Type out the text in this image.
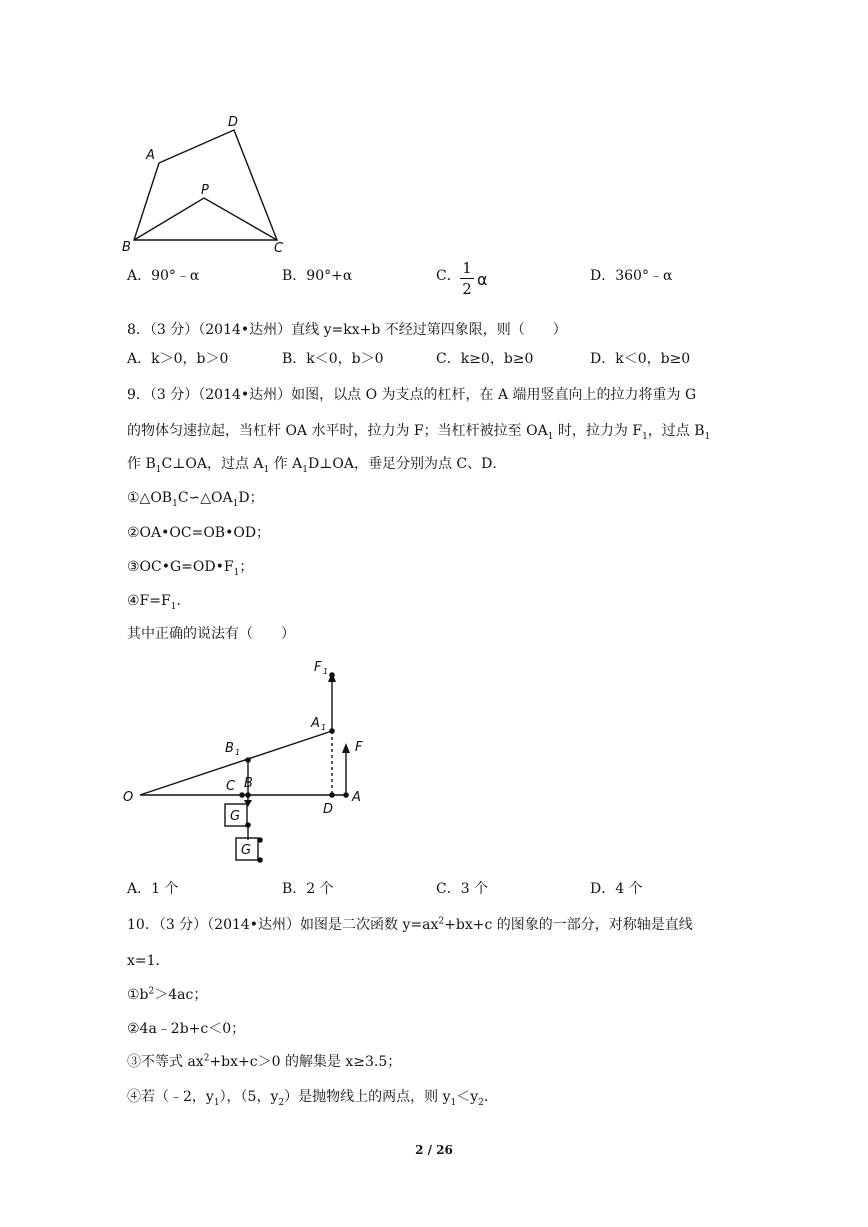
D
A
P
B	C
A．90°﹣α	B．90°+α	C． 1
2 α	D．360°﹣α
8．（3 分）（2014•达州）直线 y=kx+b 不经过第四象限，则（　　）
A．k＞0，b＞0	B．k＜0，b＞0	C．k≥0，b≥0	D．k＜0，b≥0
9．（3 分）（2014•达州）如图，以点 O 为支点的杠杆，在 A 端用竖直向上的拉力将重为 G
的物体匀速拉起，当杠杆 OA 水平时，拉力为 F；当杠杆被拉至 $OA_1$ 时，拉力为 $F_1$，过点 $B_1$
作 $B_1C\perp OA$，过点 $A_1$ 作 $A_1D\perp OA$，垂足分别为点 C、D．
$①\triangle OB_1C∽\triangle OA_1D$；
②OA•OC=OB•OD；
$③OC•G=OD•F_1$；
$④F=F_1$．
其中正确的说法有（　　）
F 1
A 1
F
B 1
O
C B
D
A
G
G
A．1 个	B．2 个	C．3 个	D．4 个
10．（3 分）（2014•达州）如图是二次函数 $y=ax^2+bx+c$ 的图象的一部分，对称轴是直线
x=1．
$①b^2>4ac$；
②4a﹣2b+c＜0；
③不等式 $ax^2+bx+c>0$ 的解集是 x≥3.5；
④若（﹣2，$y_1$），（5，$y_2$）是抛物线上的两点，则 $y_1<y_2$．
2 / 26
